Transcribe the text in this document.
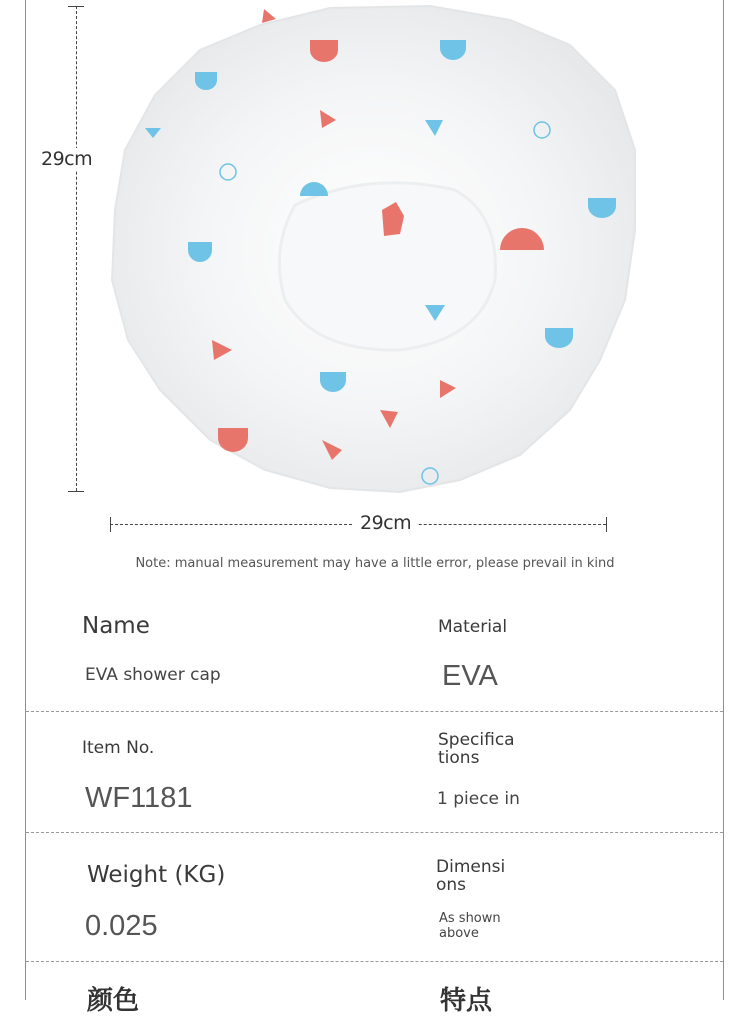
29cm
29cm
Note: manual measurement may have a little error, please prevail in kind
Name
EVA shower cap
Material
EVA
Item No.
WF1181
Specifica tions
1 piece in
Weight (KG)
0.025
Dimensi ons
As shown above
颜色	特点
